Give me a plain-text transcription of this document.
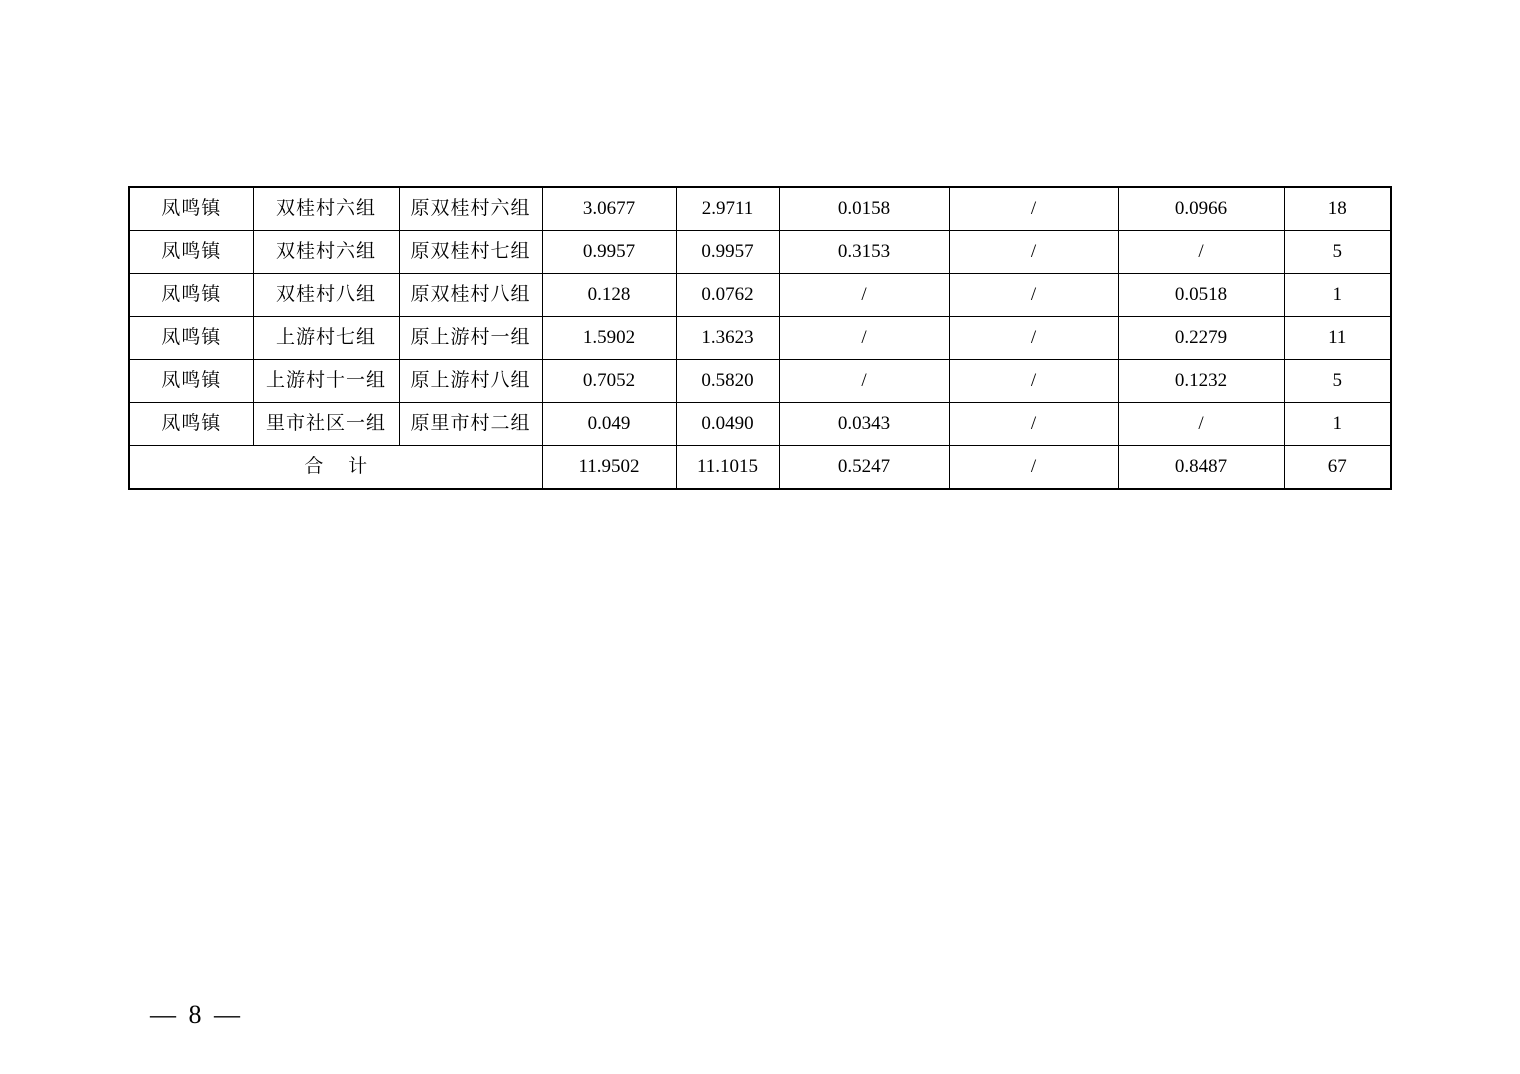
凤鸣镇	双桂村六组	原双桂村六组	3.0677	2.9711	0.0158	/	0.0966	18
凤鸣镇	双桂村六组	原双桂村七组	0.9957	0.9957	0.3153	/	/	5
凤鸣镇	双桂村八组	原双桂村八组	0.128	0.0762	/	/	0.0518	1
凤鸣镇	上游村七组	原上游村一组	1.5902	1.3623	/	/	0.2279	11
凤鸣镇	上游村十一组	原上游村八组	0.7052	0.5820	/	/	0.1232	5
凤鸣镇	里市社区一组	原里市村二组	0.049	0.0490	0.0343	/	/	1
合 计			11.9502	11.1015	0.5247	/	0.8487	67
— 8 —
